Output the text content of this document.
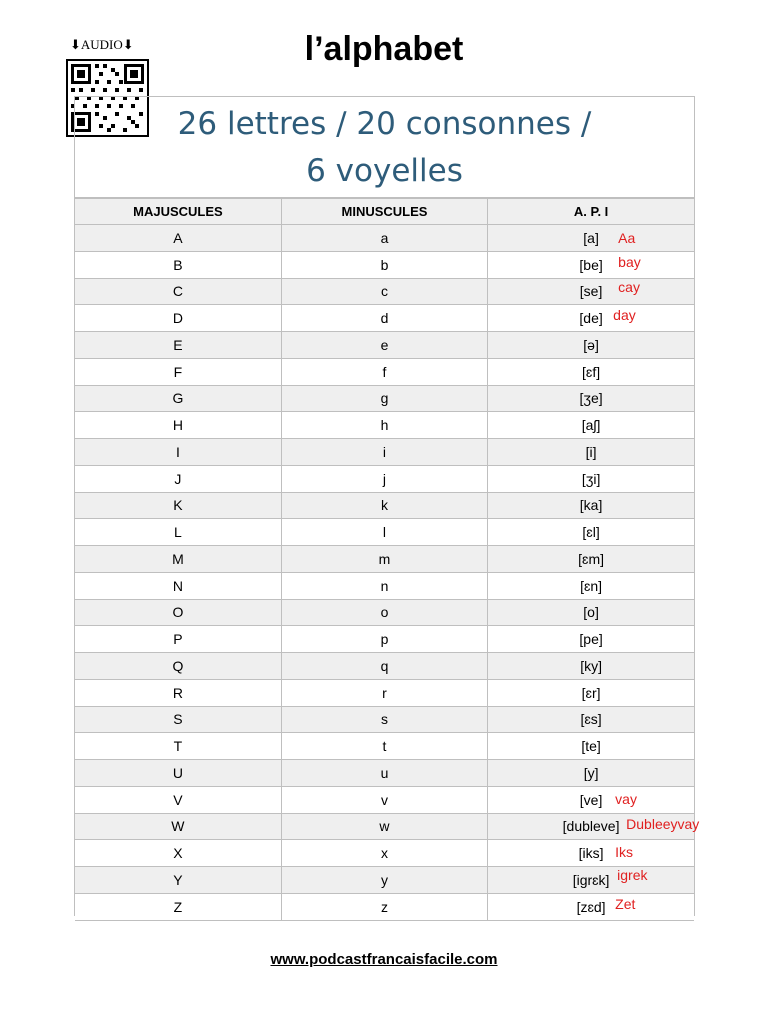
⬇AUDIO⬇	l’alphabet
26 lettres / 20 consonnes /
6 voyelles
MAJUSCULES	MINUSCULES	A. P. I
A	a	[a] Aa

B	b	[be] bay

C	c	[se] cay

D	d	[de] day

E	e	[ə]
F	f	[ɛf]
G	g	[ʒe]
H	h	[aʃ]
I	i	[i]
J	j	[ʒi]
K	k	[ka]
L	l	[ɛl]
M	m	[ɛm]
N	n	[ɛn]
O	o	[o]
P	p	[pe]
Q	q	[ky]
R	r	[ɛr]
S	s	[ɛs]
T	t	[te]
U	u	[y]
V	v	[ve] vay

W	w	[dubleve] Dubleeyvay

X	x	[iks] Iks

Y	y	[igrɛk] igrek

Z	z	[zɛd] Zet
www.podcastfrancaisfacile.com
